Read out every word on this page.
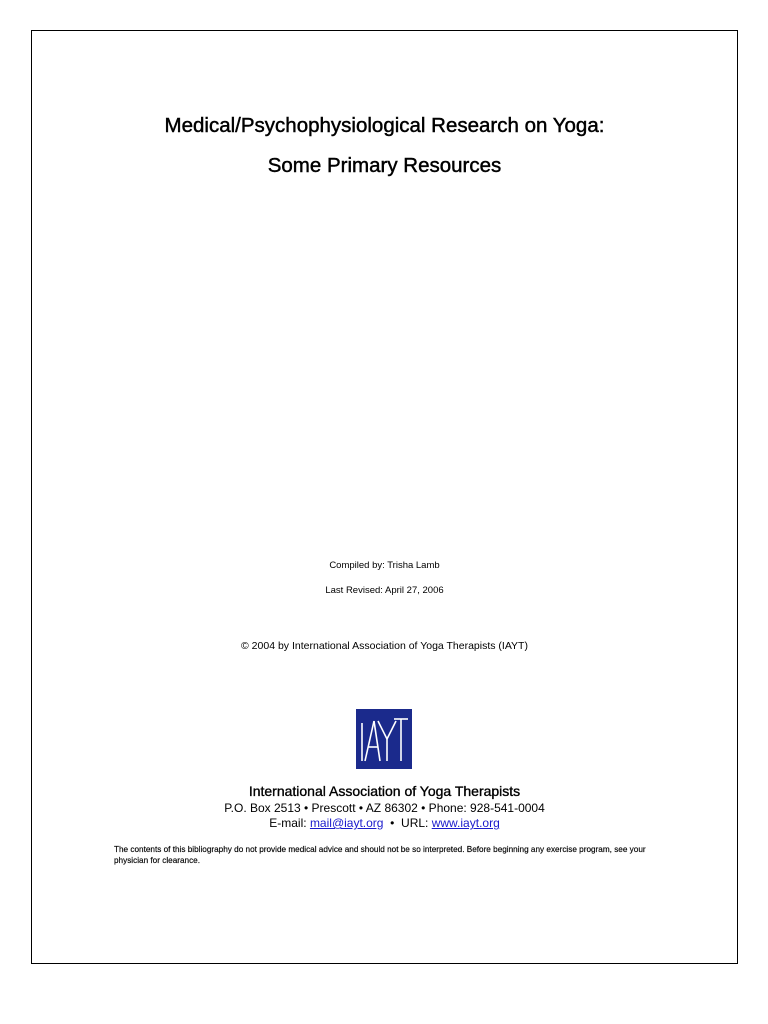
Medical/Psychophysiological Research on Yoga:
Some Primary Resources
Compiled by: Trisha Lamb
Last Revised: April 27, 2006
© 2004 by International Association of Yoga Therapists (IAYT)
International Association of Yoga Therapists
P.O. Box 2513 • Prescott • AZ 86302 • Phone: 928-541-0004
E-mail: mail@iayt.org • URL: www.iayt.org
The contents of this bibliography do not provide medical advice and should not be so interpreted. Before beginning any exercise program, see your physician for clearance.
